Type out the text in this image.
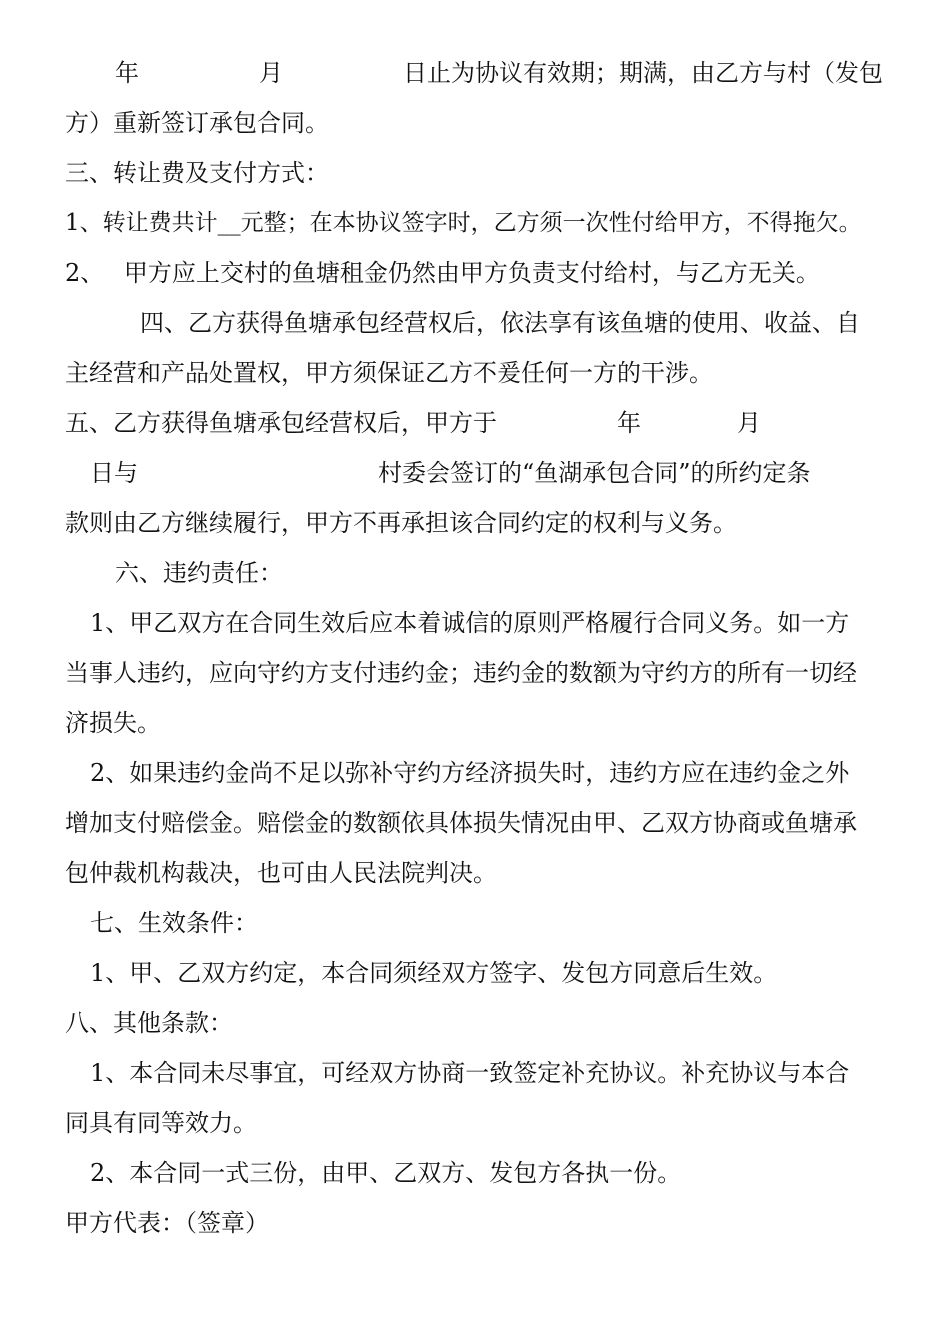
年　　　　　月　　　　　日止为协议有效期；期满，由乙方与村（发包

方）重新签订承包合同。

三、转让费及支付方式：

1、转让费共计__元整；在本协议签字时，乙方须一次性付给甲方，不得拖欠。

2、　 甲方应上交村的鱼塘租金仍然由甲方负责支付给村，与乙方无关。

四、乙方获得鱼塘承包经营权后，依法享有该鱼塘的使用、收益、自

主经营和产品处置权，甲方须保证乙方不爰任何一方的干涉。

五、乙方获得鱼塘承包经营权后，甲方于　　　　　年　　　　月

日与　　　　　　　　　　村委会签订的“鱼湖承包合同”的所约定条

款则由乙方继续履行，甲方不再承担该合同约定的权利与义务。

六、违约责任：

1、甲乙双方在合同生效后应本着诚信的原则严格履行合同义务。如一方

当事人违约，应向守约方支付违约金；违约金的数额为守约方的所有一切经

济损失。

2、如果违约金尚不足以弥补守约方经济损失时，违约方应在违约金之外

增加支付赔偿金。赔偿金的数额依具体损失情况由甲、乙双方协商或鱼塘承

包仲裁机构裁决，也可由人民法院判决。

七、生效条件：

1、甲、乙双方约定，本合同须经双方签字、发包方同意后生效。

八、其他条款：

1、本合同未尽事宜，可经双方协商一致签定补充协议。补充协议与本合

同具有同等效力。

2、本合同一式三份，由甲、乙双方、发包方各执一份。

甲方代表：（签章）
